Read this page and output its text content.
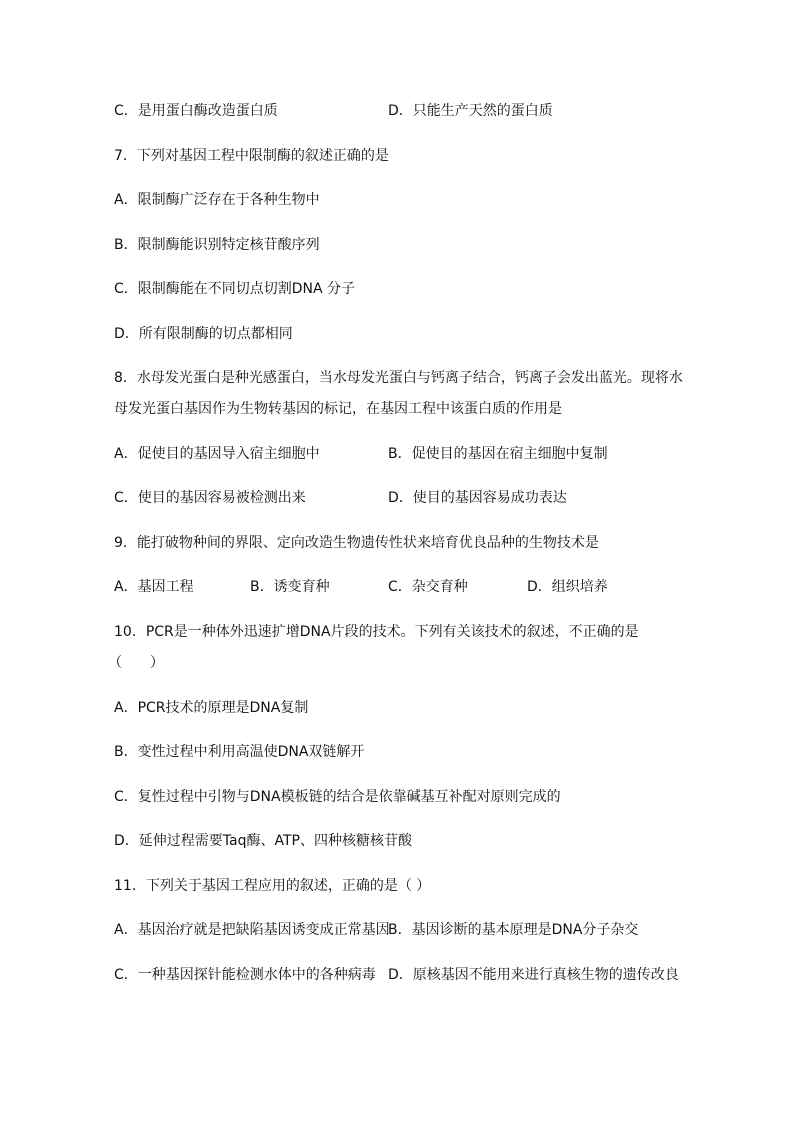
C．是用蛋白酶改造蛋白质	D．只能生产天然的蛋白质
7．下列对基因工程中限制酶的叙述正确的是
A．限制酶广泛存在于各种生物中
B．限制酶能识别特定核苷酸序列
C．限制酶能在不同切点切割DNA 分子
D．所有限制酶的切点都相同
8．水母发光蛋白是种光感蛋白，当水母发光蛋白与钙离子结合，钙离子会发出蓝光。现将水
母发光蛋白基因作为生物转基因的标记，在基因工程中该蛋白质的作用是
A．促使目的基因导入宿主细胞中	B．促使目的基因在宿主细胞中复制
C．使目的基因容易被检测出来	D．使目的基因容易成功表达
9．能打破物种间的界限、定向改造生物遗传性状来培育优良品种的生物技术是
A．基因工程	B．诱变育种	C．杂交育种	D．组织培养
10．PCR是一种体外迅速扩增DNA片段的技术。下列有关该技术的叙述，不正确的是
（　　）
A．PCR技术的原理是DNA复制
B．变性过程中利用高温使DNA双链解开
C．复性过程中引物与DNA模板链的结合是依靠碱基互补配对原则完成的
D．延伸过程需要Taq酶、ATP、四种核糖核苷酸
11．下列关于基因工程应用的叙述，正确的是（ ）
A．基因治疗就是把缺陷基因诱变成正常基因
B．基因诊断的基本原理是DNA分子杂交
C．一种基因探针能检测水体中的各种病毒 D．原核基因不能用来进行真核生物的遗传改良
